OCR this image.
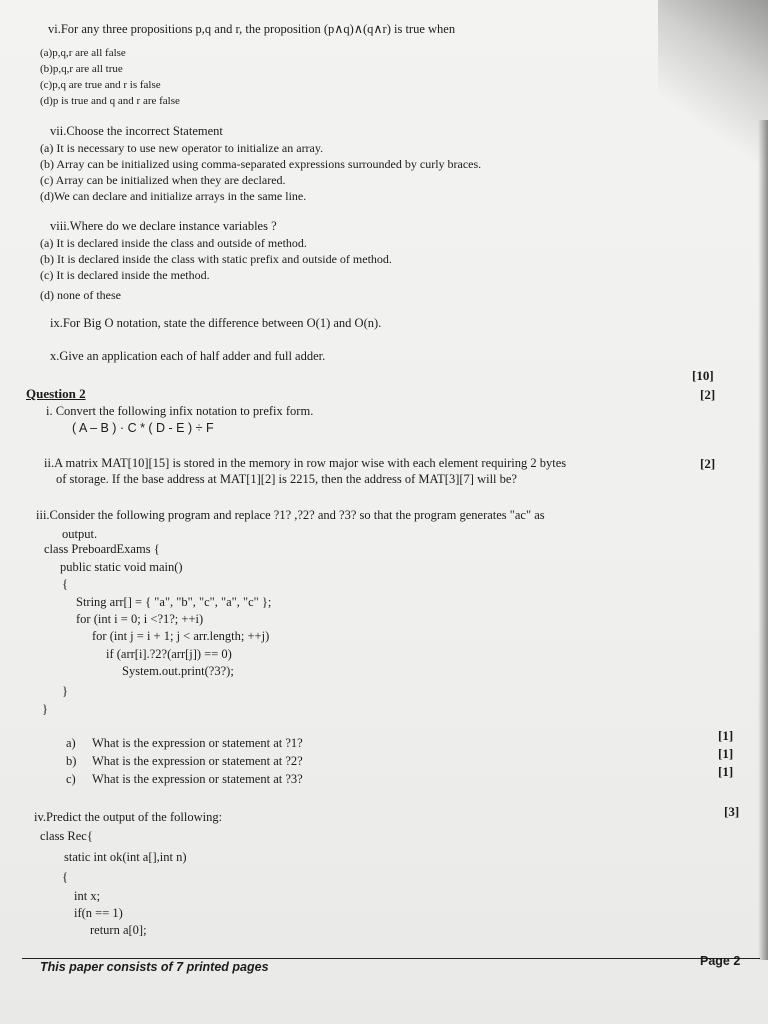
vi.For any three propositions p,q and r, the proposition (p∧q)∧(q∧r) is true when
(a)p,q,r are all false
(b)p,q,r are all true
(c)p,q are true and r is false
(d)p is true and q and r are false
vii.Choose the incorrect Statement
(a) It is necessary to use new operator to initialize an array.
(b) Array can be initialized using comma-separated expressions surrounded by curly braces.
(c) Array can be initialized when they are declared.
(d)We can declare and initialize arrays in the same line.
viii.Where do we declare instance variables ?
(a) It is declared inside the class and outside of method.
(b) It is declared inside the class with static prefix and outside of method.
(c) It is declared inside the method.
(d) none of these
ix.For Big O notation, state the difference between O(1) and O(n).
x.Give an application each of half adder and full adder.
[10]
Question 2	[2]
i. Convert the following infix notation to prefix form.
( A – B ) · C * ( D - E ) ÷ F
ii.A matrix MAT[10][15] is stored in the memory in row major wise with each element requiring 2 bytes	[2]
of storage. If the base address at MAT[1][2] is 2215, then the address of MAT[3][7] will be?
iii.Consider the following program and replace ?1? ,?2? and ?3? so that the program generates "ac" as
output.
class PreboardExams {
public static void main()
{
String arr[] = { "a", "b", "c", "a", "c" };
for (int i = 0; i <?1?; ++i)
for (int j = i + 1; j < arr.length; ++j)
if (arr[i].?2?(arr[j]) == 0)
System.out.print(?3?);
}
}
a) What is the expression or statement at ?1?	[1]
b) What is the expression or statement at ?2?	[1]
c) What is the expression or statement at ?3?	[1]
iv.Predict the output of the following:	[3]
class Rec{
static int ok(int a[],int n)
{
int x;
if(n == 1)
return a[0];
This paper consists of 7 printed pages	Page 2
